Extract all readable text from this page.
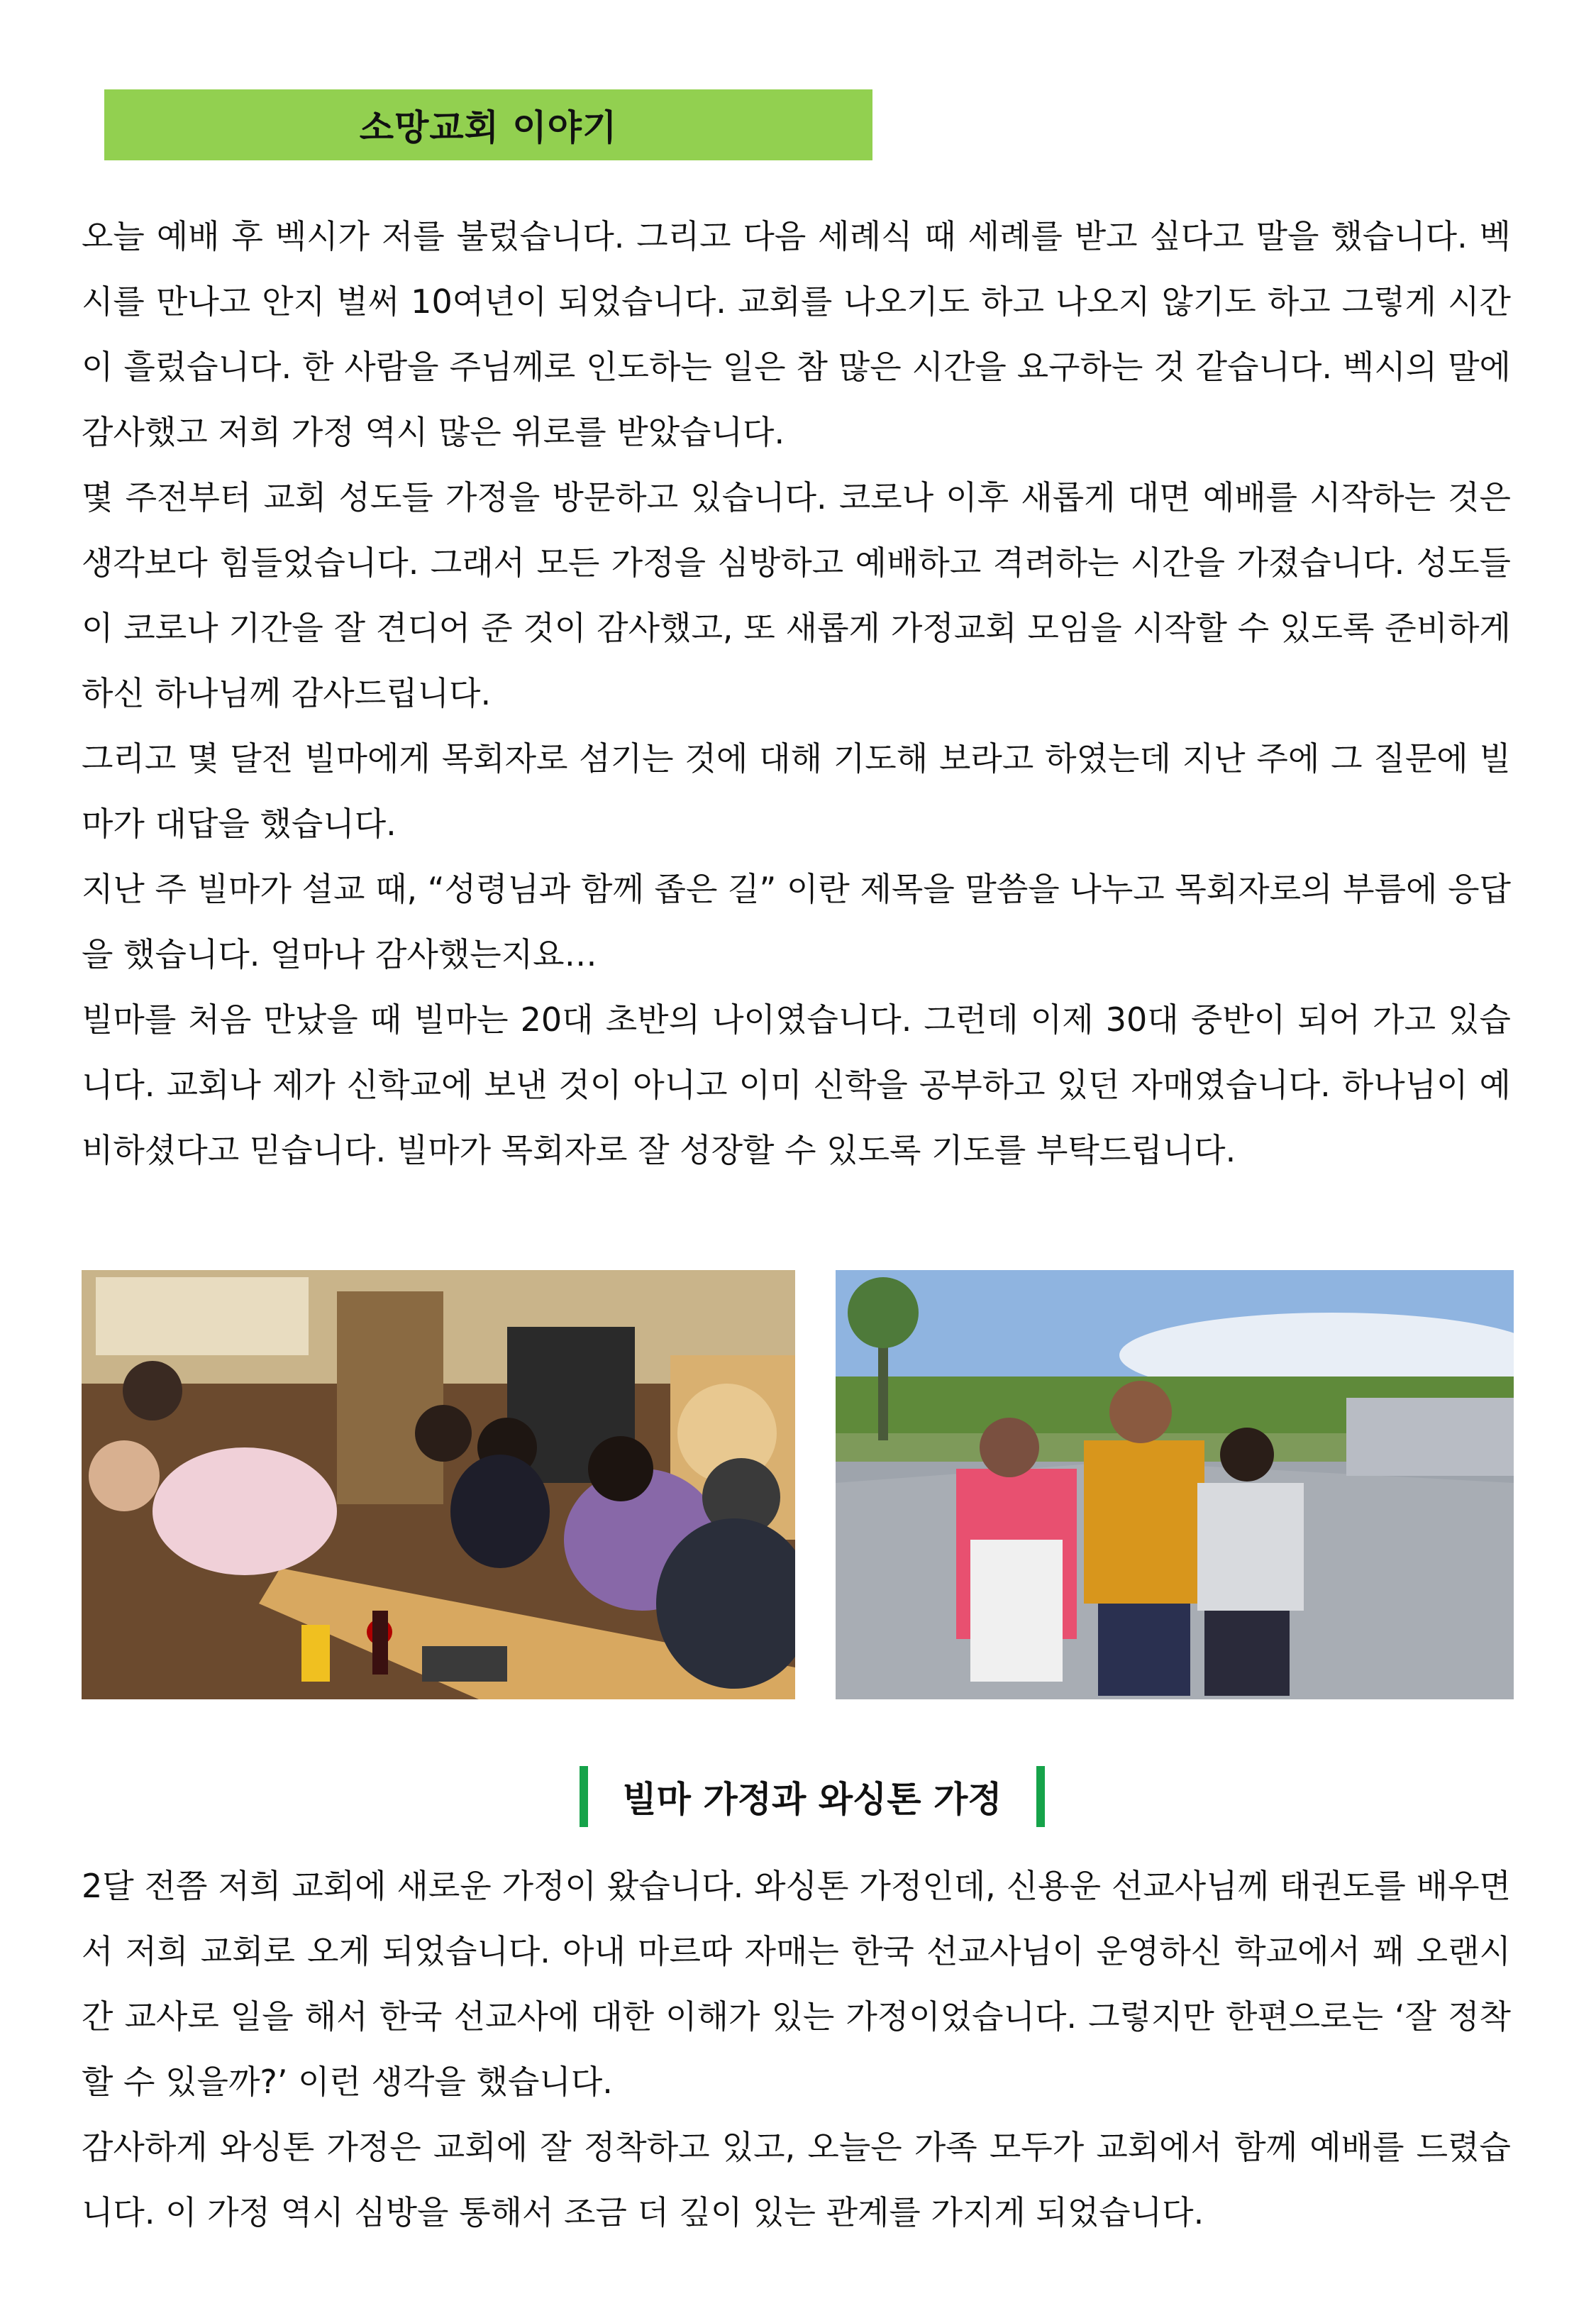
소망교회 이야기

오늘 예배 후 벡시가 저를 불렀습니다. 그리고 다음 세례식 때 세례를 받고 싶다고 말을 했습니다. 벡시를 만나고 안지 벌써 10여년이 되었습니다. 교회를 나오기도 하고 나오지 않기도 하고 그렇게 시간이 흘렀습니다. 한 사람을 주님께로 인도하는 일은 참 많은 시간을 요구하는 것 같습니다. 벡시의 말에 감사했고 저희 가정 역시 많은 위로를 받았습니다.

몇 주전부터 교회 성도들 가정을 방문하고 있습니다. 코로나 이후 새롭게 대면 예배를 시작하는 것은 생각보다 힘들었습니다. 그래서 모든 가정을 심방하고 예배하고 격려하는 시간을 가졌습니다. 성도들이 코로나 기간을 잘 견디어 준 것이 감사했고, 또 새롭게 가정교회 모임을 시작할 수 있도록 준비하게 하신 하나님께 감사드립니다.

그리고 몇 달전 빌마에게 목회자로 섬기는 것에 대해 기도해 보라고 하였는데 지난 주에 그 질문에 빌마가 대답을 했습니다.

지난 주 빌마가 설교 때, “성령님과 함께 좁은 길” 이란 제목을 말씀을 나누고 목회자로의 부름에 응답을 했습니다. 얼마나 감사했는지요…

빌마를 처음 만났을 때 빌마는 20대 초반의 나이였습니다. 그런데 이제 30대 중반이 되어 가고 있습니다. 교회나 제가 신학교에 보낸 것이 아니고 이미 신학을 공부하고 있던 자매였습니다. 하나님이 예비하셨다고 믿습니다. 빌마가 목회자로 잘 성장할 수 있도록 기도를 부탁드립니다.

빌마 가정과 와싱톤 가정

2달 전쯤 저희 교회에 새로운 가정이 왔습니다. 와싱톤 가정인데, 신용운 선교사님께 태권도를 배우면서 저희 교회로 오게 되었습니다. 아내 마르따 자매는 한국 선교사님이 운영하신 학교에서 꽤 오랜시간 교사로 일을 해서 한국 선교사에 대한 이해가 있는 가정이었습니다. 그렇지만 한편으로는 ‘잘 정착할 수 있을까?’ 이런 생각을 했습니다.

감사하게 와싱톤 가정은 교회에 잘 정착하고 있고, 오늘은 가족 모두가 교회에서 함께 예배를 드렸습니다. 이 가정 역시 심방을 통해서 조금 더 깊이 있는 관계를 가지게 되었습니다.
